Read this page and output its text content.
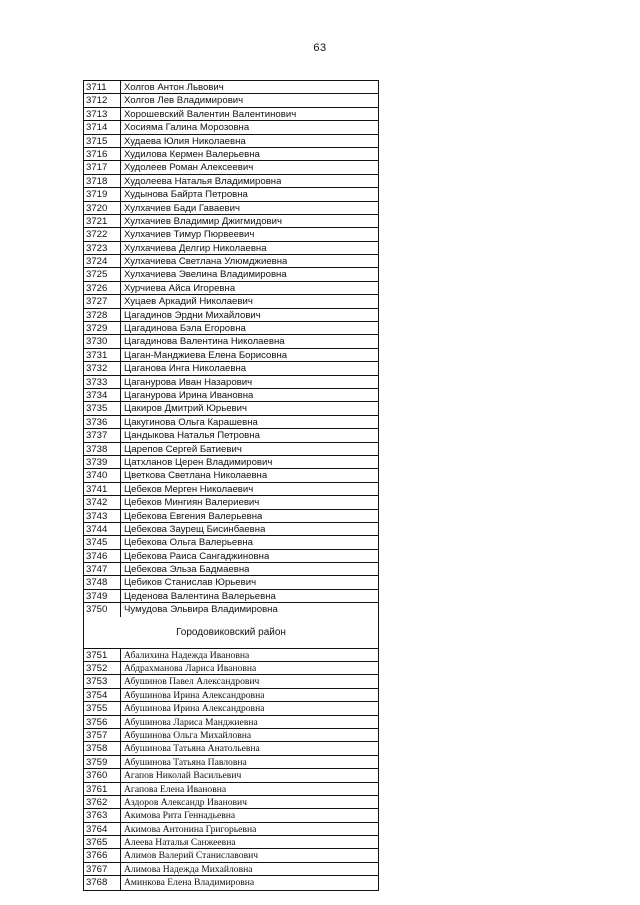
63
3711	Холгов Антон Львович
3712	Холгов Лев Владимирович
3713	Хорошевский Валентин Валентинович
3714	Хосияма Галина Морозовна
3715	Худаева Юлия Николаевна
3716	Худилова Кермен Валерьевна
3717	Худолеев Роман Алексеевич
3718	Худолеева Наталья Владимировна
3719	Худынова Байрта Петровна
3720	Хулхачиев Бади Гаваевич
3721	Хулхачиев Владимир Джигмидович
3722	Хулхачиев Тимур Пюрвеевич
3723	Хулхачиева Делгир Николаевна
3724	Хулхачиева Светлана Улюмджиевна
3725	Хулхачиева Эвелина Владимировна
3726	Хурчиева Айса Игоревна
3727	Хуцаев Аркадий Николаевич
3728	Цагадинов Эрдни Михайлович
3729	Цагадинова Бэла Егоровна
3730	Цагадинова Валентина Николаевна
3731	Цаган-Манджиева Елена Борисовна
3732	Цаганова Инга Николаевна
3733	Цаганурова Иван Назарович
3734	Цаганурова Ирина Ивановна
3735	Цакиров Дмитрий Юрьевич
3736	Цакугинова Ольга Карашевна
3737	Цандыкова Наталья Петровна
3738	Царепов Сергей Батиевич
3739	Цатхланов Церен Владимирович
3740	Цветкова Светлана Николаевна
3741	Цебеков Мерген Николаевич
3742	Цебеков Мингиян Валериевич
3743	Цебекова Евгения Валерьевна
3744	Цебекова Заурещ Бисинбаевна
3745	Цебекова Ольга Валерьевна
3746	Цебекова Раиса Сангаджиновна
3747	Цебекова Эльза Бадмаевна
3748	Цебиков Станислав Юрьевич
3749	Цеденова Валентина Валерьевна
3750	Чумудова Эльвира Владимировна
Городовиковский район
3751	Абалихина Надежда Ивановна
3752	Абдрахманова Лариса Ивановна
3753	Абушинов Павел Александрович
3754	Абушинова Ирина Александровна
3755	Абушинова Ирина Александровна
3756	Абушинова Лариса Манджиевна
3757	Абушинова Ольга Михайловна
3758	Абушинова Татьяна Анатольевна
3759	Абушинова Татьяна Павловна
3760	Агапов Николай Васильевич
3761	Агапова Елена Ивановна
3762	Аздоров Александр Иванович
3763	Акимова Рита Геннадьевна
3764	Акимова Антонина Григорьевна
3765	Алеева Наталья Санжеевна
3766	Алимов Валерий Станиславович
3767	Алимова Надежда Михайловна
3768	Аминкова Елена Владимировна
